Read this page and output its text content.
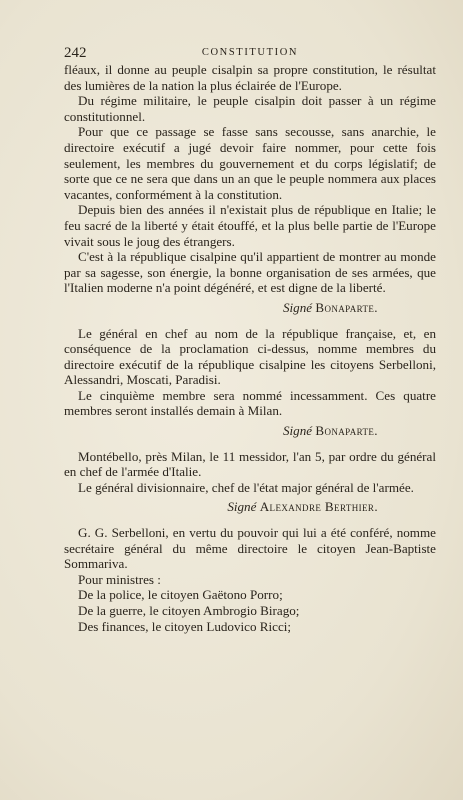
242	CONSTITUTION

fléaux, il donne au peuple cisalpin sa propre constitution, le résultat des lumières de la nation la plus éclairée de l'Europe.

Du régime militaire, le peuple cisalpin doit passer à un régime constitutionnel.

Pour que ce passage se fasse sans secousse, sans anarchie, le directoire exécutif a jugé devoir faire nommer, pour cette fois seulement, les membres du gouvernement et du corps législatif; de sorte que ce ne sera que dans un an que le peuple nommera aux places vacantes, conformément à la constitution.

Depuis bien des années il n'existait plus de république en Italie; le feu sacré de la liberté y était étouffé, et la plus belle partie de l'Europe vivait sous le joug des étrangers.

C'est à la république cisalpine qu'il appartient de montrer au monde par sa sagesse, son énergie, la bonne organisation de ses armées, que l'Italien moderne n'a point dégénéré, et est digne de la liberté.

Signé Bonaparte.

Le général en chef au nom de la république française, et, en conséquence de la proclamation ci-dessus, nomme membres du directoire exécutif de la république cisalpine les citoyens Serbelloni, Alessandri, Moscati, Paradisi.

Le cinquième membre sera nommé incessamment. Ces quatre membres seront installés demain à Milan.

Signé Bonaparte.

Montébello, près Milan, le 11 messidor, l'an 5, par ordre du général en chef de l'armée d'Italie.

Le général divisionnaire, chef de l'état major général de l'armée.

Signé Alexandre Berthier.

G. G. Serbelloni, en vertu du pouvoir qui lui a été conféré, nomme secrétaire général du même directoire le citoyen Jean-Baptiste Sommariva.

Pour ministres :

De la police, le citoyen Gaëtono Porro;

De la guerre, le citoyen Ambrogio Birago;

Des finances, le citoyen Ludovico Ricci;
